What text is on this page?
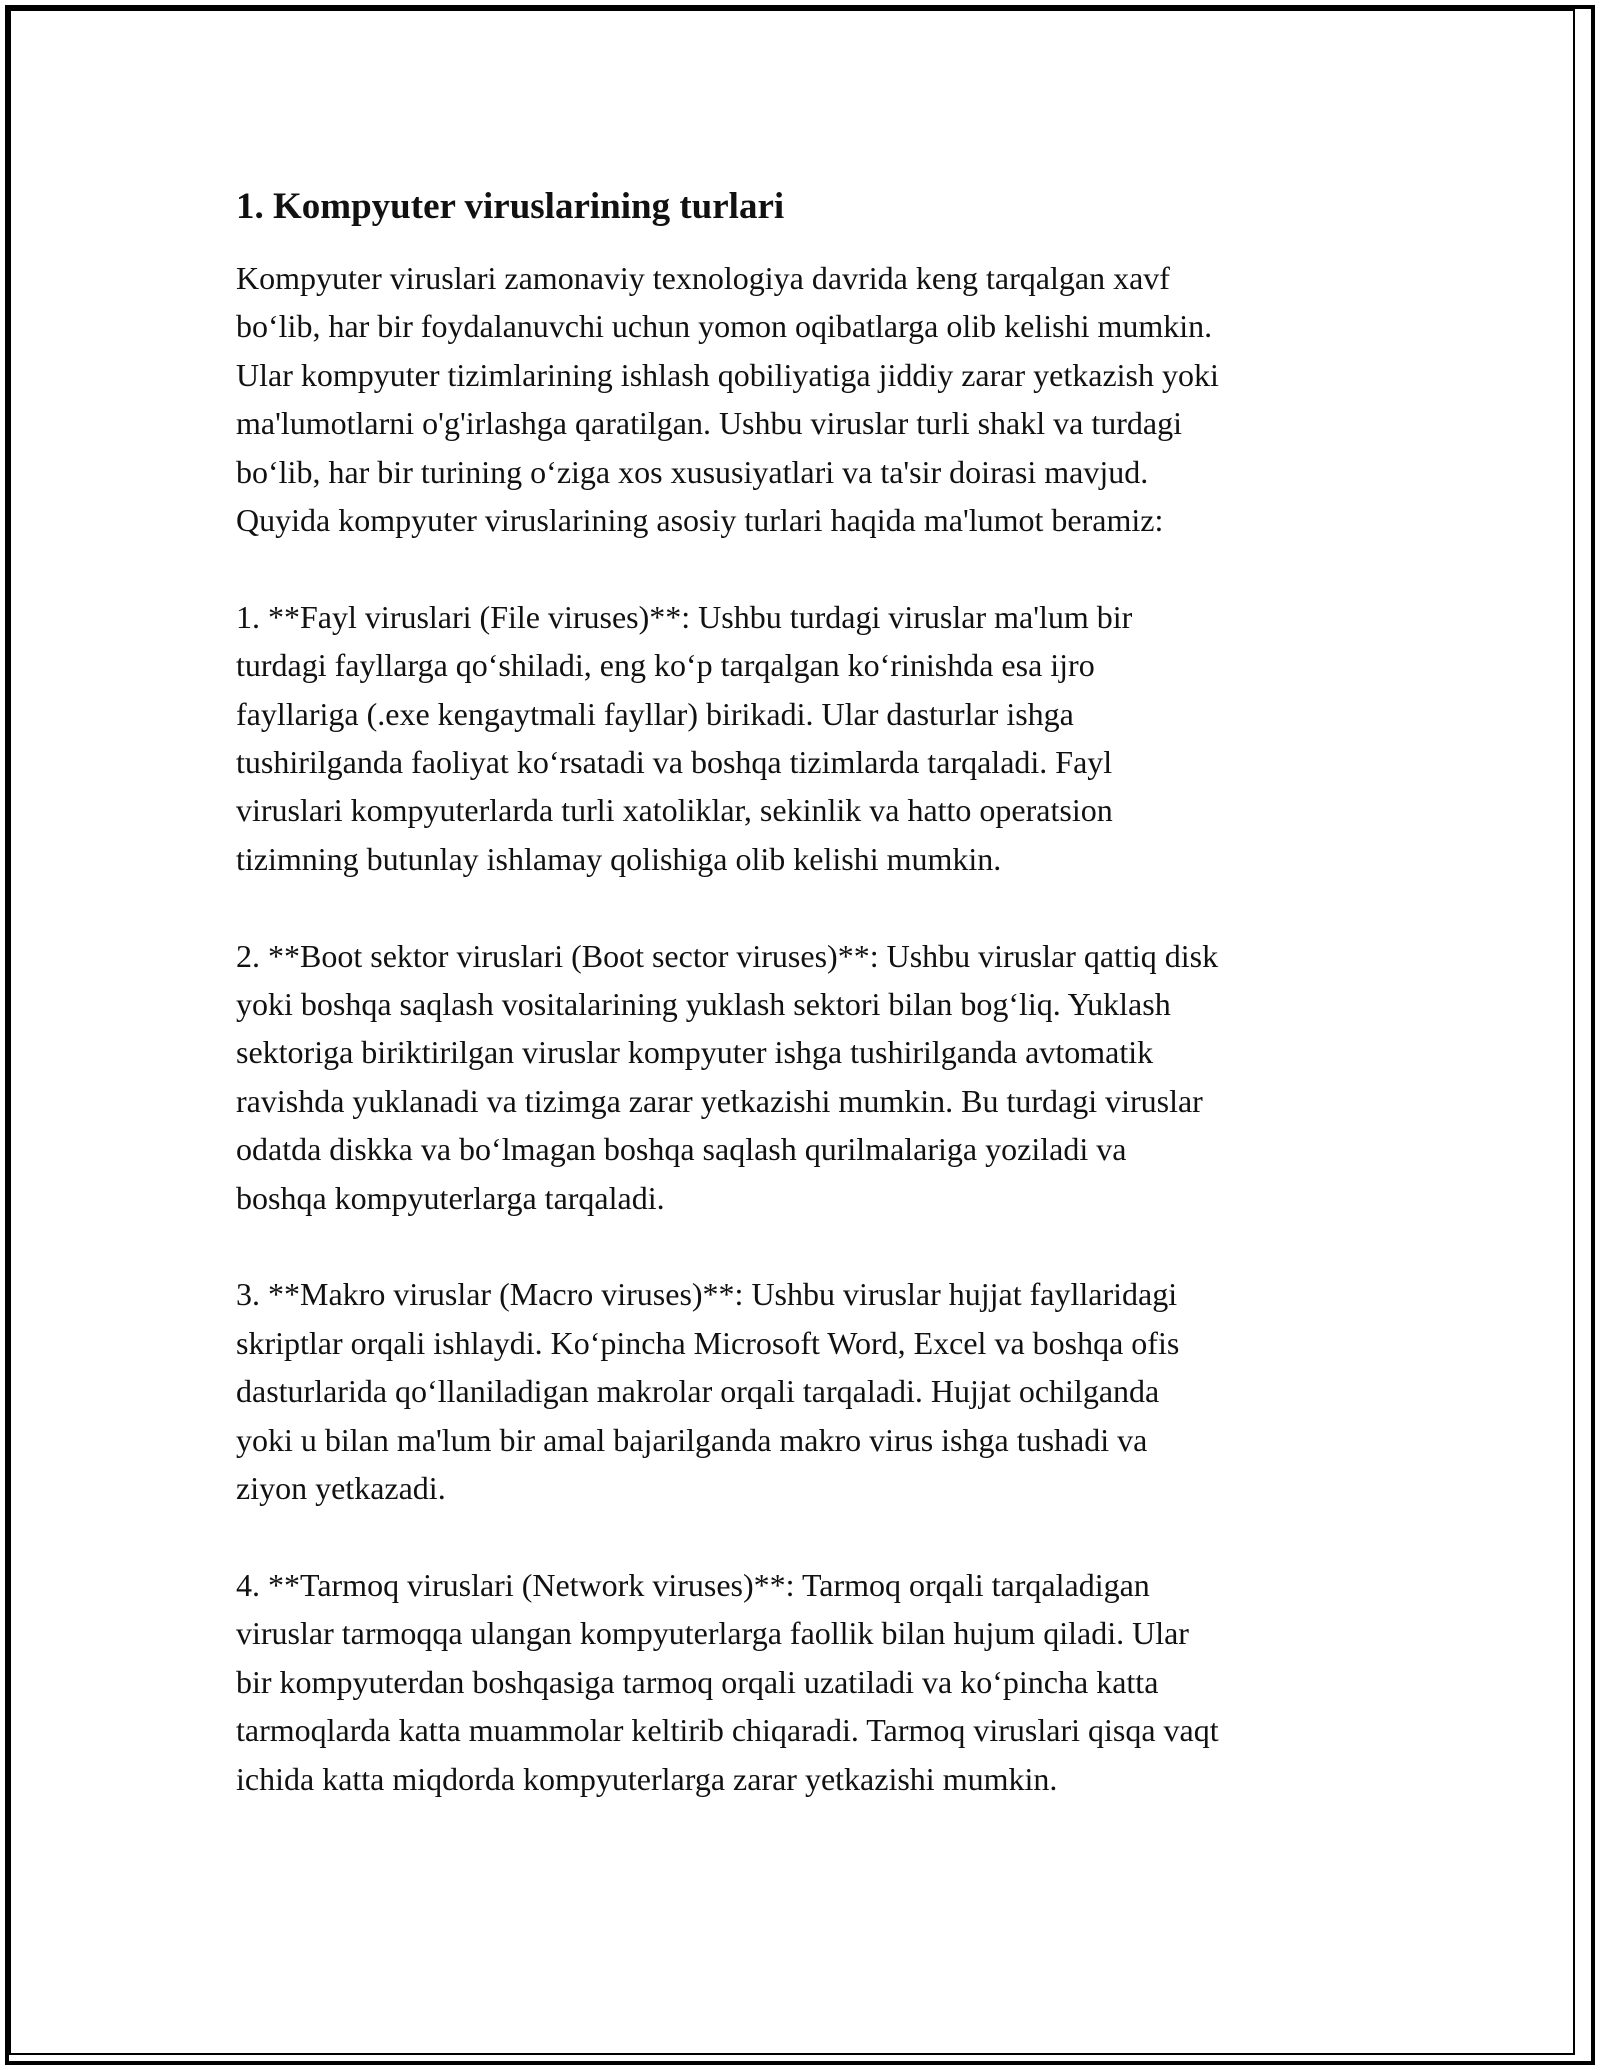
1. Kompyuter viruslarining turlari
Kompyuter viruslari zamonaviy texnologiya davrida keng tarqalgan xavf
bo‘lib, har bir foydalanuvchi uchun yomon oqibatlarga olib kelishi mumkin.
Ular kompyuter tizimlarining ishlash qobiliyatiga jiddiy zarar yetkazish yoki
ma'lumotlarni o'g'irlashga qaratilgan. Ushbu viruslar turli shakl va turdagi
bo‘lib, har bir turining o‘ziga xos xususiyatlari va ta'sir doirasi mavjud.
Quyida kompyuter viruslarining asosiy turlari haqida ma'lumot beramiz:
1. **Fayl viruslari (File viruses)**: Ushbu turdagi viruslar ma'lum bir
turdagi fayllarga qo‘shiladi, eng ko‘p tarqalgan ko‘rinishda esa ijro
fayllariga (.exe kengaytmali fayllar) birikadi. Ular dasturlar ishga
tushirilganda faoliyat ko‘rsatadi va boshqa tizimlarda tarqaladi. Fayl
viruslari kompyuterlarda turli xatoliklar, sekinlik va hatto operatsion
tizimning butunlay ishlamay qolishiga olib kelishi mumkin.
2. **Boot sektor viruslari (Boot sector viruses)**: Ushbu viruslar qattiq disk
yoki boshqa saqlash vositalarining yuklash sektori bilan bog‘liq. Yuklash
sektoriga biriktirilgan viruslar kompyuter ishga tushirilganda avtomatik
ravishda yuklanadi va tizimga zarar yetkazishi mumkin. Bu turdagi viruslar
odatda diskka va bo‘lmagan boshqa saqlash qurilmalariga yoziladi va
boshqa kompyuterlarga tarqaladi.
3. **Makro viruslar (Macro viruses)**: Ushbu viruslar hujjat fayllaridagi
skriptlar orqali ishlaydi. Ko‘pincha Microsoft Word, Excel va boshqa ofis
dasturlarida qo‘llaniladigan makrolar orqali tarqaladi. Hujjat ochilganda
yoki u bilan ma'lum bir amal bajarilganda makro virus ishga tushadi va
ziyon yetkazadi.
4. **Tarmoq viruslari (Network viruses)**: Tarmoq orqali tarqaladigan
viruslar tarmoqqa ulangan kompyuterlarga faollik bilan hujum qiladi. Ular
bir kompyuterdan boshqasiga tarmoq orqali uzatiladi va ko‘pincha katta
tarmoqlarda katta muammolar keltirib chiqaradi. Tarmoq viruslari qisqa vaqt
ichida katta miqdorda kompyuterlarga zarar yetkazishi mumkin.
